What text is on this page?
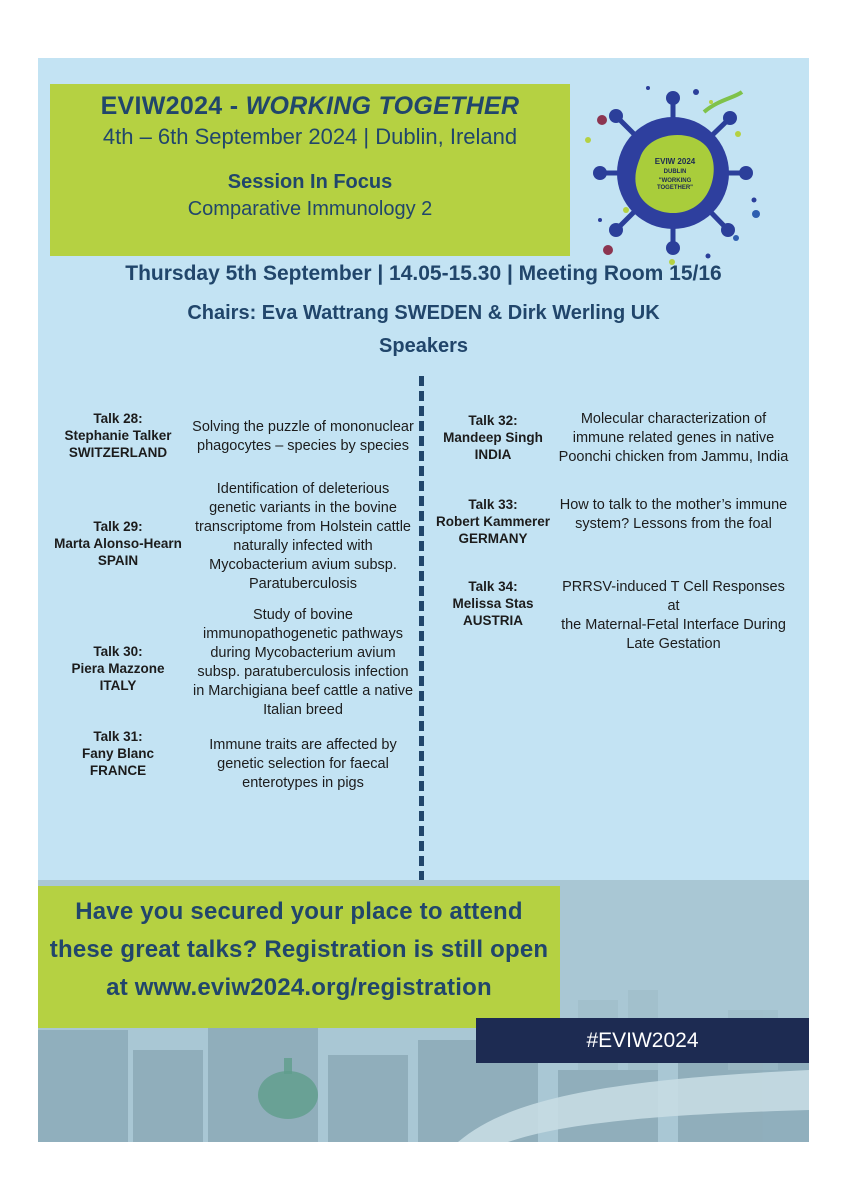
EVIW2024 - WORKING TOGETHER
4th – 6th September 2024 | Dublin, Ireland
Session In Focus
Comparative Immunology 2
EVIW 2024
DUBLIN
"WORKING
TOGETHER"
Thursday 5th September | 14.05-15.30 | Meeting Room 15/16
Chairs: Eva Wattrang SWEDEN & Dirk Werling UK
Speakers
Talk 28:
Stephanie Talker
SWITZERLAND
Solving the puzzle of mononuclear
phagocytes – species by species
Talk 29:
Marta Alonso-Hearn
SPAIN
Identification of deleterious
genetic variants in the bovine
transcriptome from Holstein cattle
naturally infected with
Mycobacterium avium subsp.
Paratuberculosis
Talk 30:
Piera Mazzone
ITALY
Study of bovine
immunopathogenetic pathways
during Mycobacterium avium
subsp. paratuberculosis infection
in Marchigiana beef cattle a native
Italian breed
Talk 31:
Fany Blanc
FRANCE
Immune traits are affected by
genetic selection for faecal
enterotypes in pigs
Talk 32:
Mandeep Singh
INDIA
Molecular characterization of
immune related genes in native
Poonchi chicken from Jammu, India
Talk 33:
Robert Kammerer
GERMANY
How to talk to the mother’s immune
system? Lessons from the foal
Talk 34:
Melissa Stas
AUSTRIA
PRRSV-induced T Cell Responses at
the Maternal-Fetal Interface During
Late Gestation

Have you secured your place to attend

these great talks? Registration is still open

at www.eviw2024.org/registration

#EVIW2024
